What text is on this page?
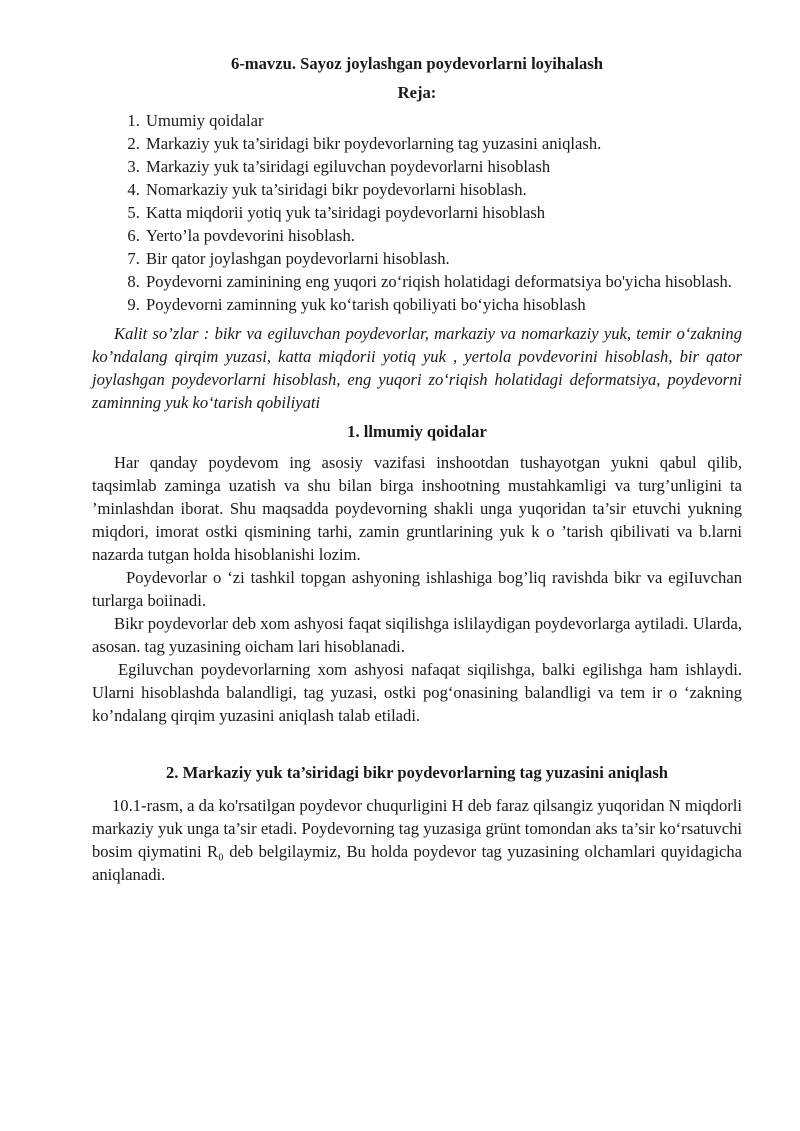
6-mavzu. Sayoz joylashgan poydevorlarni loyihalash
Reja:
1. Umumiy qoidalar
2. Markaziy yuk ta’siridagi bikr poydevorlarning tag yuzasini aniqlash.
3. Markaziy yuk ta’siridagi egiluvchan poydevorlarni hisoblash
4. Nomarkaziy yuk ta’siridagi bikr poydevorlarni hisoblash.
5. Katta miqdorii yotiq yuk ta’siridagi poydevorlarni hisoblash
6. Yerto’la povdevorini hisoblash.
7. Bir qator joylashgan poydevorlarni hisoblash.
8. Poydevorni zaminining eng yuqori zo‘riqish holatidagi deformatsiya bo'yicha hisoblash.
9. Poydevorni zaminning yuk ko‘tarish qobiliyati bo‘yicha hisoblash

Kalit so’zlar : bikr va egiluvchan poydevorlar, markaziy va nomarkaziy yuk, temir o‘zakning ko’ndalang qirqim yuzasi, katta miqdorii yotiq yuk , yertola povdevorini hisoblash, bir qator joylashgan poydevorlarni hisoblash, eng yuqori zo‘riqish holatidagi deformatsiya, poydevorni zaminning yuk ko‘tarish qobiliyati

1. llmumiy qoidalar

Har qanday poydevom ing asosiy vazifasi inshootdan tushayotgan yukni qabul qilib, taqsimlab zaminga uzatish va shu bilan birga inshootning mustahkamligi va turg’unligini ta ’minlashdan iborat. Shu maqsadda poydevorning shakli unga yuqoridan ta’sir etuvchi yukning miqdori, imorat ostki qismining tarhi, zamin gruntlarining yuk k o ’tarish qibilivati va b.larni nazarda tutgan holda hisoblanishi lozim.

Poydevorlar o ‘zi tashkil topgan ashyoning ishlashiga bog’liq ravishda bikr va egiIuvchan turlarga boiinadi.

Bikr poydevorlar deb xom ashyosi faqat siqilishga islilaydigan poydevorlarga aytiladi. Ularda, asosan. tag yuzasining oicham lari hisoblanadi.

Egiluvchan poydevorlarning xom ashyosi nafaqat siqilishga, balki egilishga ham ishlaydi. Ularni hisoblashda balandligi, tag yuzasi, ostki pog‘onasining balandligi va tem ir o ‘zakning ko’ndalang qirqim yuzasini aniqlash talab etiladi.

2. Markaziy yuk ta’siridagi bikr poydevorlarning tag yuzasini aniqlash

10.1-rasm, a da ko'rsatilgan poydevor chuqurligini H deb faraz qilsangiz yuqoridan N miqdorli markaziy yuk unga ta’sir etadi. Poydevorning tag yuzasiga grünt tomondan aks ta’sir ko‘rsatuvchi bosim qiymatini R₀ deb belgilaymiz, Bu holda poydevor tag yuzasining olchamlari quyidagicha aniqlanadi.
